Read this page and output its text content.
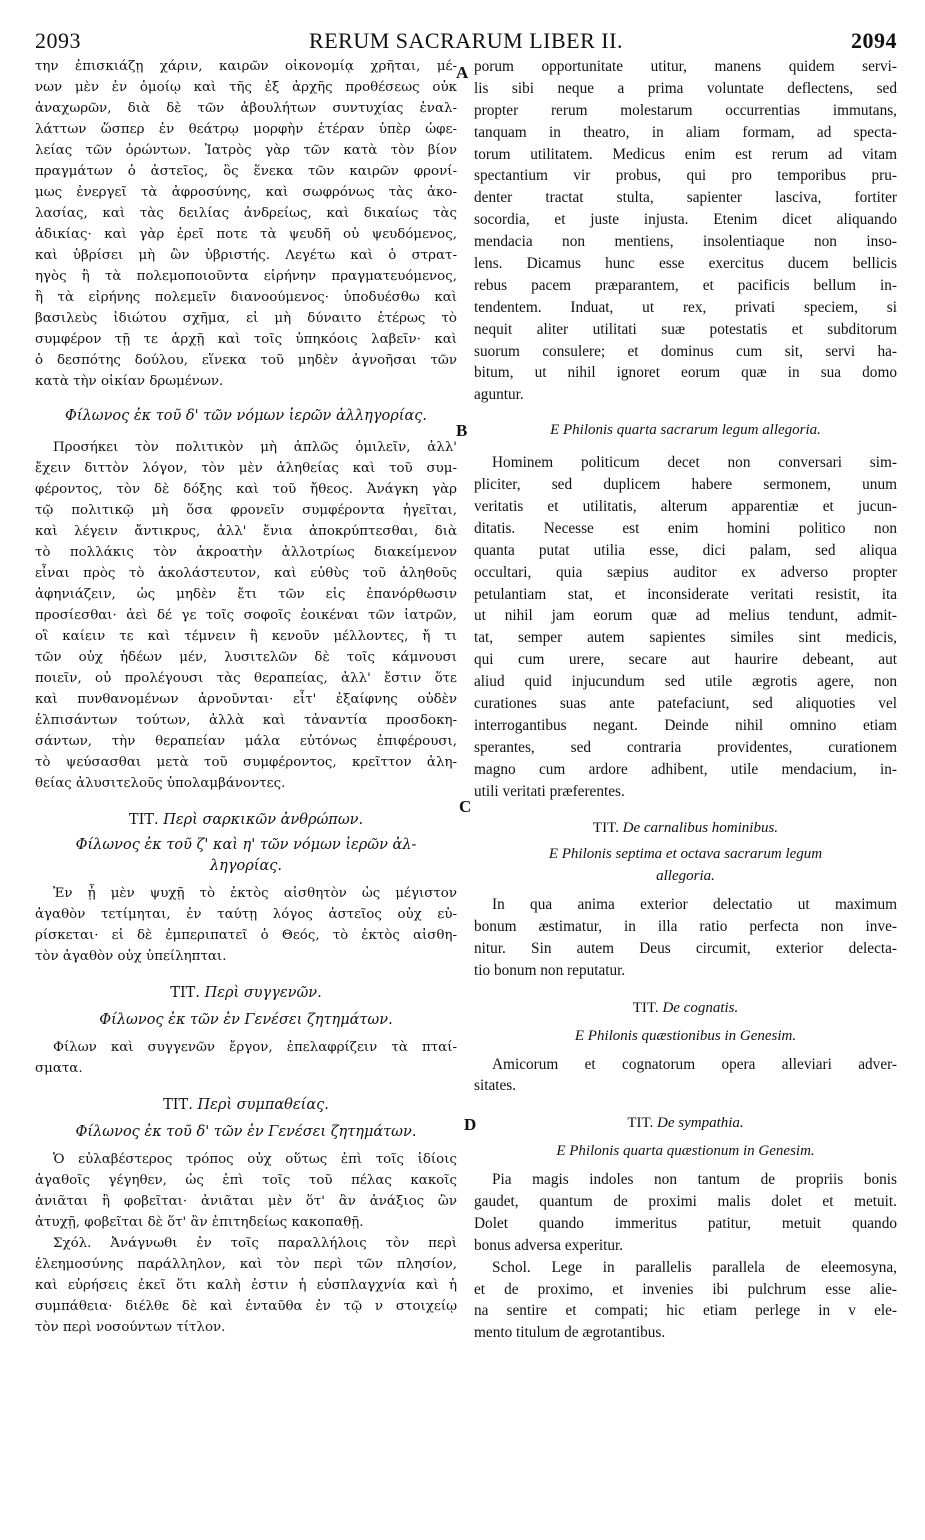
2093	RERUM SACRARUM LIBER II.	2094
την ἐπισκιάζῃ χάριν, καιρῶν οἰκονομίᾳ χρῆται, μέ-
νων μὲν ἐν ὁμοίῳ καὶ τῆς ἐξ ἀρχῆς προθέσεως οὐκ
ἀναχωρῶν, διὰ δὲ τῶν ἀβουλήτων συντυχίας ἐναλ-
λάττων ὥσπερ ἐν θεάτρῳ μορφὴν ἑτέραν ὑπὲρ ὠφε-
λείας τῶν ὁρώντων. Ἰατρὸς γὰρ τῶν κατὰ τὸν βίον
πραγμάτων ὁ ἀστεῖος, ὃς ἕνεκα τῶν καιρῶν φρονί-
μως ἐνεργεῖ τὰ ἀφροσύνης, καὶ σωφρόνως τὰς ἀκο-
λασίας, καὶ τὰς δειλίας ἀνδρείως, καὶ δικαίως τὰς
ἀδικίας· καὶ γὰρ ἐρεῖ ποτε τὰ ψευδῆ οὐ ψευδόμενος,
καὶ ὑβρίσει μὴ ὢν ὑβριστής. Λεγέτω καὶ ὁ στρατ-
ηγὸς ἢ τὰ πολεμοποιοῦντα εἰρήνην πραγματευόμενος,
ἢ τὰ εἰρήνης πολεμεῖν διανοούμενος· ὑποδυέσθω καὶ
βασιλεὺς ἰδιώτου σχῆμα, εἰ μὴ δύναιτο ἑτέρως τὸ
συμφέρον τῇ τε ἀρχῇ καὶ τοῖς ὑπηκόοις λαβεῖν· καὶ
ὁ δεσπότης δούλου, εἵνεκα τοῦ μηδὲν ἀγνοῆσαι τῶν
κατὰ τὴν οἰκίαν δρωμένων.
Φίλωνος ἐκ τοῦ δ' τῶν νόμων ἱερῶν ἀλληγορίας.
Προσήκει τὸν πολιτικὸν μὴ ἁπλῶς ὁμιλεῖν, ἀλλ'
ἔχειν διττὸν λόγον, τὸν μὲν ἀληθείας καὶ τοῦ συμ-
φέροντος, τὸν δὲ δόξης καὶ τοῦ ἤθεος. Ἀνάγκη γὰρ
τῷ πολιτικῷ μὴ ὅσα φρονεῖν συμφέροντα ἡγεῖται,
καὶ λέγειν ἄντικρυς, ἀλλ' ἔνια ἀποκρύπτεσθαι, διὰ
τὸ πολλάκις τὸν ἀκροατὴν ἀλλοτρίως διακείμενον
εἶναι πρὸς τὸ ἀκολάστευτον, καὶ εὐθὺς τοῦ ἀληθοῦς
ἀφηνιάζειν, ὡς μηδὲν ἔτι τῶν εἰς ἐπανόρθωσιν
προσίεσθαι· ἀεὶ δέ γε τοῖς σοφοῖς ἐοικέναι τῶν ἰατρῶν,
οἳ καίειν τε καὶ τέμνειν ἢ κενοῦν μέλλοντες, ἤ τι
τῶν οὐχ ἡδέων μέν, λυσιτελῶν δὲ τοῖς κάμνουσι
ποιεῖν, οὐ προλέγουσι τὰς θεραπείας, ἀλλ' ἔστιν ὅτε
καὶ πυνθανομένων ἀρνοῦνται· εἶτ' ἐξαίφνης οὐδὲν
ἐλπισάντων τούτων, ἀλλὰ καὶ τἀναντία προσδοκη-
σάντων, τὴν θεραπείαν μάλα εὐτόνως ἐπιφέρουσι,
τὸ ψεύσασθαι μετὰ τοῦ συμφέροντος, κρεῖττον ἀλη-
θείας ἀλυσιτελοῦς ὑπολαμβάνοντες.
ΤΙΤ. Περὶ σαρκικῶν ἀνθρώπων.
Φίλωνος ἐκ τοῦ ζ' καὶ η' τῶν νόμων ἱερῶν ἀλ-
ληγορίας.
Ἐν ᾗ μὲν ψυχῇ τὸ ἐκτὸς αἰσθητὸν ὡς μέγιστον
ἀγαθὸν τετίμηται, ἐν ταύτῃ λόγος ἀστεῖος οὐχ εὑ-
ρίσκεται· εἰ δὲ ἐμπεριπατεῖ ὁ Θεός, τὸ ἐκτὸς αἰσθη-
τὸν ἀγαθὸν οὐχ ὑπείληπται.
ΤΙΤ. Περὶ συγγενῶν.
Φίλωνος ἐκ τῶν ἐν Γενέσει ζητημάτων.
Φίλων καὶ συγγενῶν ἔργον, ἐπελαφρίζειν τὰ πταί-
σματα.
ΤΙΤ. Περὶ συμπαθείας.
Φίλωνος ἐκ τοῦ δ' τῶν ἐν Γενέσει ζητημάτων.
Ὁ εὐλαβέστερος τρόπος οὐχ οὕτως ἐπὶ τοῖς ἰδίοις
ἀγαθοῖς γέγηθεν, ὡς ἐπὶ τοῖς τοῦ πέλας κακοῖς
ἀνιᾶται ἢ φοβεῖται· ἀνιᾶται μὲν ὅτ' ἂν ἀνάξιος ὢν
ἀτυχῇ, φοβεῖται δὲ ὅτ' ἂν ἐπιτηδείως κακοπαθῇ.
Σχόλ. Ἀνάγνωθι ἐν τοῖς παραλλήλοις τὸν περὶ
ἐλεημοσύνης παράλληλον, καὶ τὸν περὶ τῶν πλησίον,
καὶ εὑρήσεις ἐκεῖ ὅτι καλὴ ἐστιν ἡ εὐσπλαγχνία καὶ ἡ
συμπάθεια· διέλθε δὲ καὶ ἐνταῦθα ἐν τῷ ν στοιχείῳ
τὸν περὶ νοσούντων τίτλον.
porum opportunitate utitur, manens quidem servi-
lis sibi neque a prima voluntate deflectens, sed
propter rerum molestarum occurrentias immutans,
tanquam in theatro, in aliam formam, ad specta-
torum utilitatem. Medicus enim est rerum ad vitam
spectantium vir probus, qui pro temporibus pru-
denter tractat stulta, sapienter lasciva, fortiter
socordia, et juste injusta. Etenim dicet aliquando
mendacia non mentiens, insolentiaque non inso-
lens. Dicamus hunc esse exercitus ducem bellicis
rebus pacem præparantem, et pacificis bellum in-
tendentem. Induat, ut rex, privati speciem, si
nequit aliter utilitati suæ potestatis et subditorum
suorum consulere; et dominus cum sit, servi ha-
bitum, ut nihil ignoret eorum quæ in sua domo
aguntur.
E Philonis quarta sacrarum legum allegoria.
Hominem politicum decet non conversari sim-
pliciter, sed duplicem habere sermonem, unum
veritatis et utilitatis, alterum apparentiæ et jucun-
ditatis. Necesse est enim homini politico non
quanta putat utilia esse, dici palam, sed aliqua
occultari, quia sæpius auditor ex adverso propter
petulantiam stat, et inconsiderate veritati resistit, ita
ut nihil jam eorum quæ ad melius tendunt, admit-
tat, semper autem sapientes similes sint medicis,
qui cum urere, secare aut haurire debeant, aut
aliud quid injucundum sed utile ægrotis agere, non
curationes suas ante patefaciunt, sed aliquoties vel
interrogantibus negant. Deinde nihil omnino etiam
sperantes, sed contraria providentes, curationem
magno cum ardore adhibent, utile mendacium, in-
utili veritati præferentes.
TIT. De carnalibus hominibus.
E Philonis septima et octava sacrarum legum
allegoria.
In qua anima exterior delectatio ut maximum
bonum æstimatur, in illa ratio perfecta non inve-
nitur. Sin autem Deus circumit, exterior delecta-
tio bonum non reputatur.
TIT. De cognatis.
E Philonis quæstionibus in Genesim.
Amicorum et cognatorum opera alleviari adver-
sitates.
TIT. De sympathia.
E Philonis quarta quæstionum in Genesim.
Pia magis indoles non tantum de propriis bonis
gaudet, quantum de proximi malis dolet et metuit.
Dolet quando immeritus patitur, metuit quando
bonus adversa experitur.
Schol. Lege in parallelis parallela de eleemosyna,
et de proximo, et invenies ibi pulchrum esse alie-
na sentire et compati; hic etiam perlege in v ele-
mento titulum de ægrotantibus.
A
B
C
D
